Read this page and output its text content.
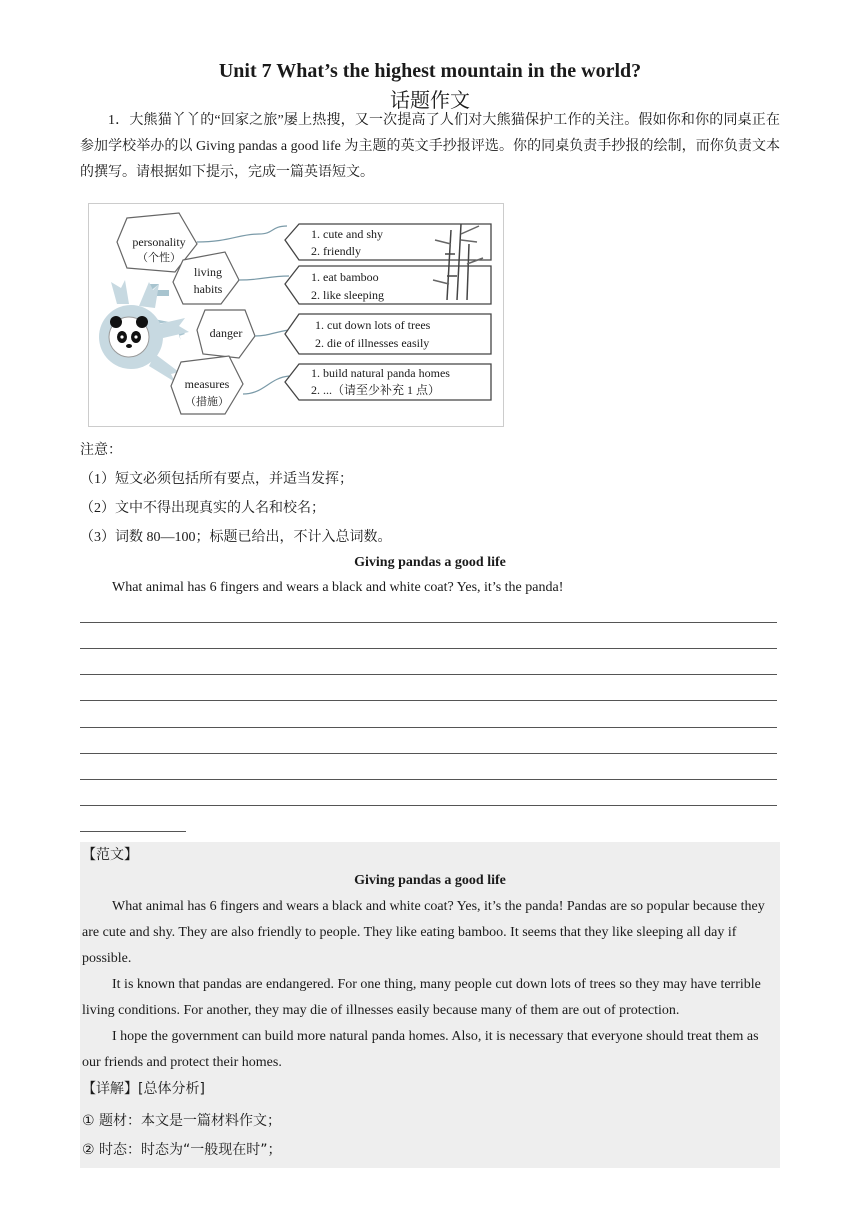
Unit 7 What’s the highest mountain in the world?
话题作文
1．大熊猫丫丫的“回家之旅”屡上热搜，又一次提高了人们对大熊猫保护工作的关注。假如你和你的同桌正在参加学校举办的以 Giving pandas a good life 为主题的英文手抄报评选。你的同桌负责手抄报的绘制，而你负责文本的撰写。请根据如下提示，完成一篇英语短文。
personality
（个性）
living
habits
danger
measures
（措施）
1. cute and shy
2. friendly
1. eat bamboo
2. like sleeping
1. cut down lots of trees
2. die of illnesses easily
1. build natural panda homes
2. ...（请至少补充 1 点）
注意：
（1）短文必须包括所有要点，并适当发挥；
（2）文中不得出现真实的人名和校名；
（3）词数 80—100；标题已给出，不计入总词数。
Giving pandas a good life
What animal has 6 fingers and wears a black and white coat? Yes, it’s the panda!
【范文】
Giving pandas a good life
What animal has 6 fingers and wears a black and white coat? Yes, it’s the panda! Pandas are so popular because they are cute and shy. They are also friendly to people. They like eating bamboo. It seems that they like sleeping all day if possible.
It is known that pandas are endangered. For one thing, many people cut down lots of trees so they may have terrible living conditions. For another, they may die of illnesses easily because many of them are out of protection.
I hope the government can build more natural panda homes. Also, it is necessary that everyone should treat them as our friends and protect their homes.
【详解】[总体分析]
① 题材：本文是一篇材料作文；
② 时态：时态为“一般现在时”；
